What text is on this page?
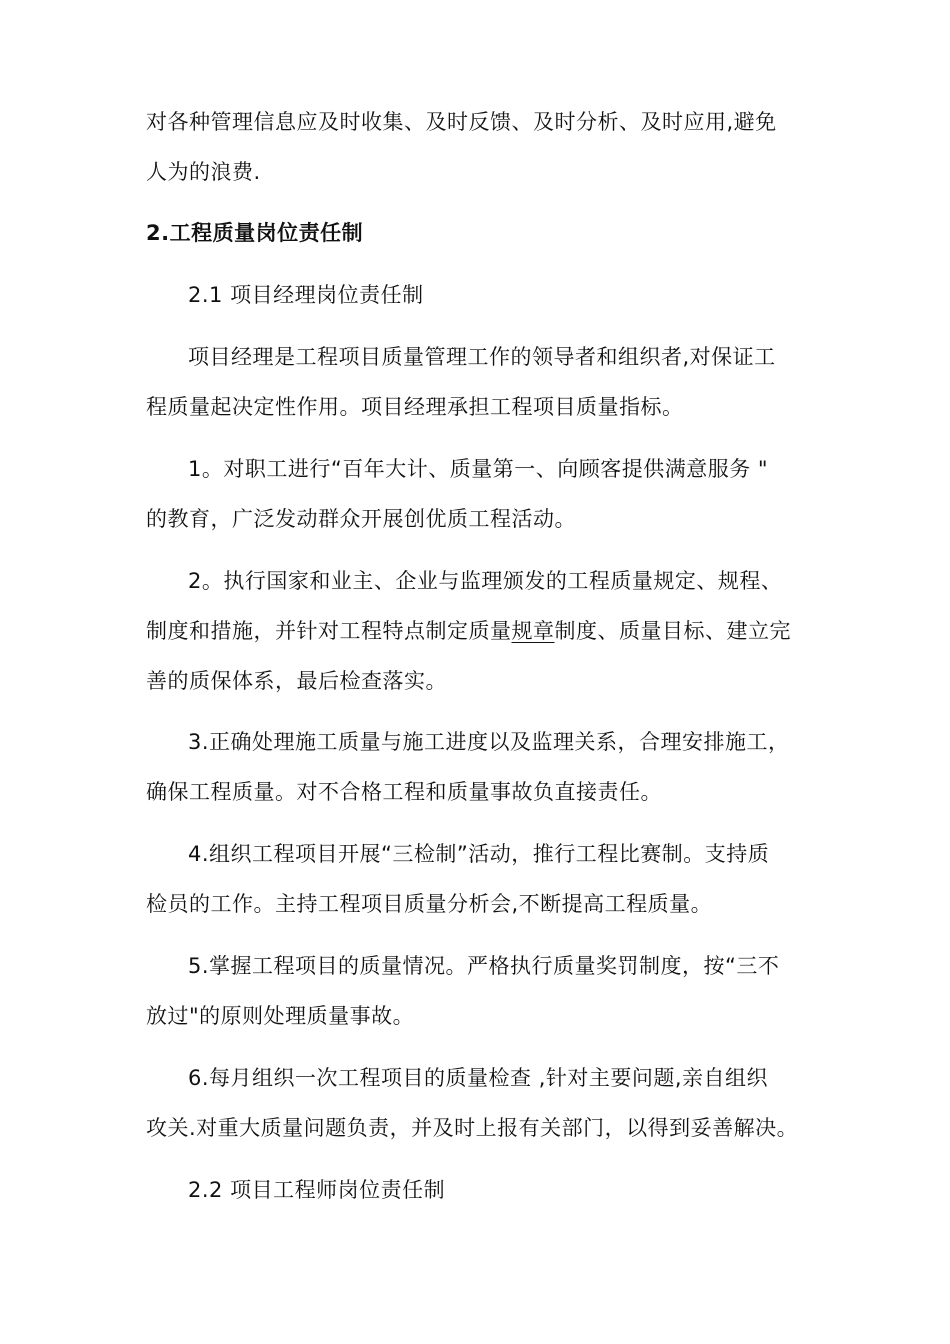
对各种管理信息应及时收集、及时反馈、及时分析、及时应用,避免
人为的浪费.
2.工程质量岗位责任制
2.1 项目经理岗位责任制
项目经理是工程项目质量管理工作的领导者和组织者,对保证工
程质量起决定性作用。项目经理承担工程项目质量指标。
1。对职工进行“百年大计、质量第一、向顾客提供满意服务 "
的教育，广泛发动群众开展创优质工程活动。
2。执行国家和业主、企业与监理颁发的工程质量规定、规程、
制度和措施，并针对工程特点制定质量规章制度、质量目标、建立完
善的质保体系，最后检查落实。
3.正确处理施工质量与施工进度以及监理关系，合理安排施工，
确保工程质量。对不合格工程和质量事故负直接责任。
4.组织工程项目开展“三检制”活动，推行工程比赛制。支持质
检员的工作。主持工程项目质量分析会,不断提高工程质量。
5.掌握工程项目的质量情况。严格执行质量奖罚制度，按“三不
放过"的原则处理质量事故。
6.每月组织一次工程项目的质量检查 ,针对主要问题,亲自组织
攻关.对重大质量问题负责，并及时上报有关部门，以得到妥善解决。
2.2 项目工程师岗位责任制
